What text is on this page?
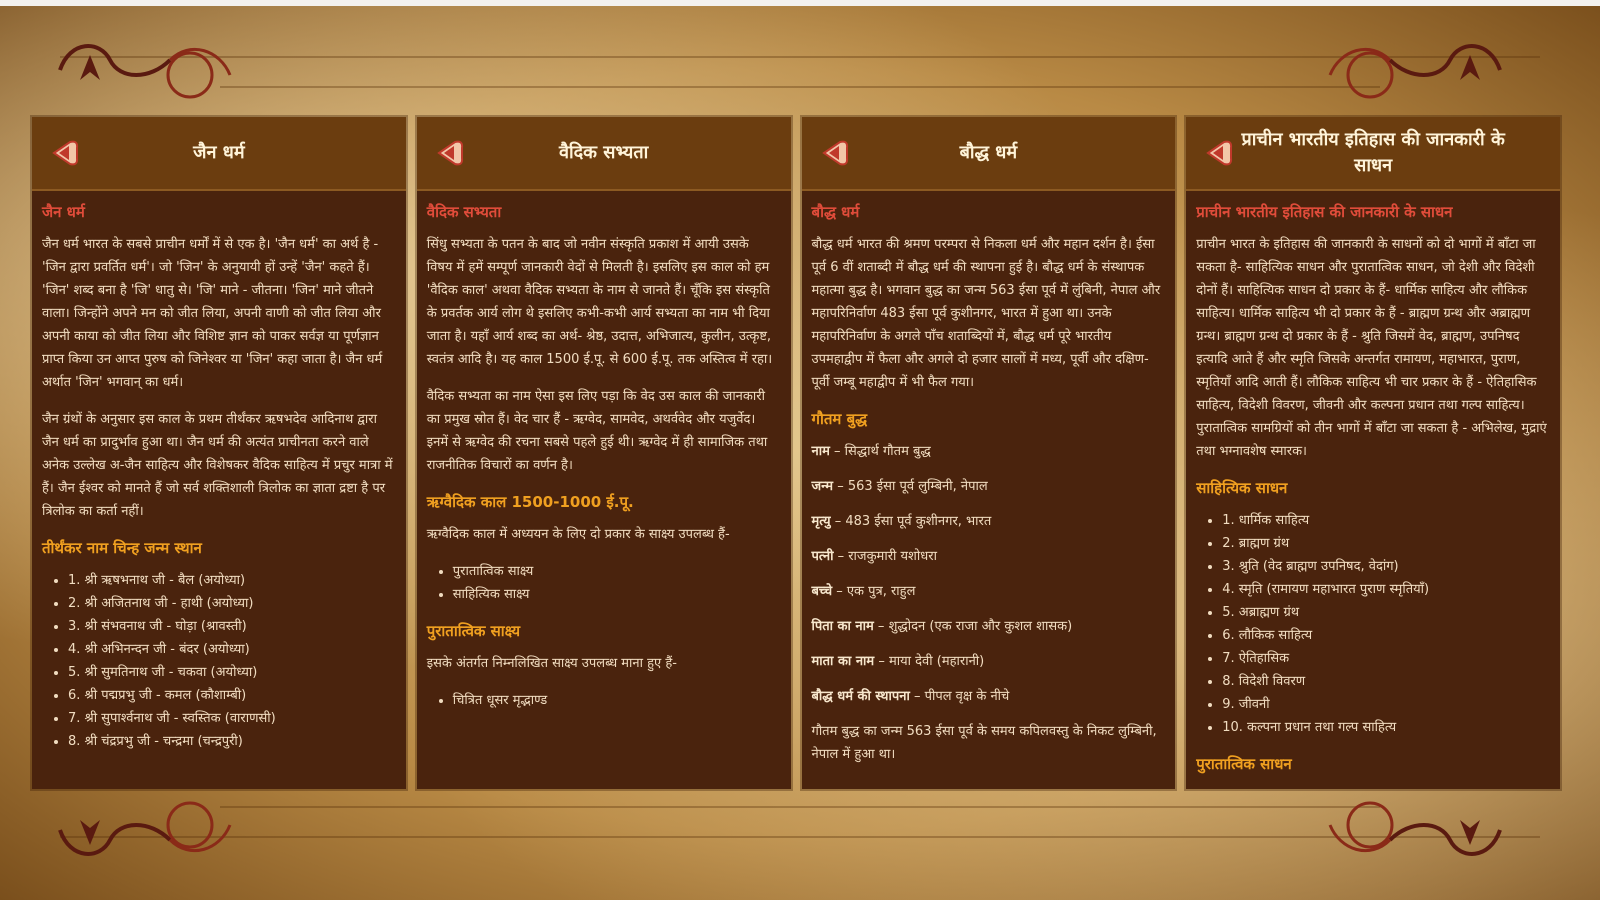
जैन धर्म
जैन धर्म

जैन धर्म भारत के सबसे प्राचीन धर्मों में से एक है। 'जैन धर्म' का अर्थ है - 'जिन द्वारा प्रवर्तित धर्म'। जो 'जिन' के अनुयायी हों उन्हें 'जैन' कहते हैं। 'जिन' शब्द बना है 'जि' धातु से। 'जि' माने - जीतना। 'जिन' माने जीतने वाला। जिन्होंने अपने मन को जीत लिया, अपनी वाणी को जीत लिया और अपनी काया को जीत लिया और विशिष्ट ज्ञान को पाकर सर्वज्ञ या पूर्णज्ञान प्राप्त किया उन आप्त पुरुष को जिनेश्वर या 'जिन' कहा जाता है। जैन धर्म अर्थात 'जिन' भगवान्‌ का धर्म।

जैन ग्रंथों के अनुसार इस काल के प्रथम तीर्थंकर ऋषभदेव आदिनाथ द्वारा जैन धर्म का प्रादुर्भाव हुआ था। जैन धर्म की अत्यंत प्राचीनता करने वाले अनेक उल्लेख अ-जैन साहित्य और विशेषकर वैदिक साहित्य में प्रचुर मात्रा में हैं। जैन ईश्वर को मानते हैं जो सर्व शक्तिशाली त्रिलोक का ज्ञाता द्रष्टा है पर त्रिलोक का कर्ता नहीं।

तीर्थंकर नाम चिन्ह जन्म स्थान
• 1. श्री ऋषभनाथ जी - बैल (अयोध्या)
• 2. श्री अजितनाथ जी - हाथी (अयोध्या)
• 3. श्री संभवनाथ जी - घोड़ा (श्रावस्ती)
• 4. श्री अभिनन्दन जी - बंदर (अयोध्या)
• 5. श्री सुमतिनाथ जी - चकवा (अयोध्या)
• 6. श्री पद्मप्रभु जी - कमल (कौशाम्बी)
• 7. श्री सुपार्श्वनाथ जी - स्वस्तिक (वाराणसी)
• 8. श्री चंद्रप्रभु जी - चन्द्रमा (चन्द्रपुरी)
वैदिक सभ्यता
वैदिक सभ्यता

सिंधु सभ्यता के पतन के बाद जो नवीन संस्कृति प्रकाश में आयी उसके विषय में हमें सम्पूर्ण जानकारी वेदों से मिलती है। इसलिए इस काल को हम 'वैदिक काल' अथवा वैदिक सभ्यता के नाम से जानते हैं। चूँकि इस संस्कृति के प्रवर्तक आर्य लोग थे इसलिए कभी-कभी आर्य सभ्यता का नाम भी दिया जाता है। यहाँ आर्य शब्द का अर्थ- श्रेष्ठ, उदात्त, अभिजात्य, कुलीन, उत्कृष्ट, स्वतंत्र आदि है। यह काल 1500 ई.पू. से 600 ई.पू. तक अस्तित्व में रहा।

वैदिक सभ्यता का नाम ऐसा इस लिए पड़ा कि वेद उस काल की जानकारी का प्रमुख स्रोत हैं। वेद चार हैं - ऋग्वेद, सामवेद, अथर्ववेद और यजुर्वेद। इनमें से ऋग्वेद की रचना सबसे पहले हुई थी। ऋग्वेद में ही सामाजिक तथा राजनीतिक विचारों का वर्णन है।

ऋग्वैदिक काल 1500-1000 ई.पू.

ऋग्वैदिक काल में अध्ययन के लिए दो प्रकार के साक्ष्य उपलब्ध हैं-

• पुरातात्विक साक्ष्य
• साहित्यिक साक्ष्य
पुरातात्विक साक्ष्य

इसके अंतर्गत निम्नलिखित साक्ष्य उपलब्ध माना हुए हैं-

• चित्रित धूसर मृद्भाण्ड
बौद्ध धर्म
बौद्ध धर्म

बौद्ध धर्म भारत की श्रमण परम्परा से निकला धर्म और महान दर्शन है। ईसा पूर्व 6 वीं शताब्दी में बौद्ध धर्म की स्थापना हुई है। बौद्ध धर्म के संस्थापक महात्मा बुद्ध है। भगवान बुद्ध का जन्म 563 ईसा पूर्व में लुंबिनी, नेपाल और महापरिनिर्वाण 483 ईसा पूर्व कुशीनगर, भारत में हुआ था। उनके महापरिनिर्वाण के अगले पाँच शताब्दियों में, बौद्ध धर्म पूरे भारतीय उपमहाद्वीप में फैला और अगले दो हजार सालों में मध्य, पूर्वी और दक्षिण-पूर्वी जम्बू महाद्वीप में भी फैल गया।

गौतम बुद्ध
नाम – सिद्धार्थ गौतम बुद्ध
जन्म – 563 ईसा पूर्व लुम्बिनी, नेपाल
मृत्यु – 483 ईसा पूर्व कुशीनगर, भारत
पत्नी – राजकुमारी यशोधरा
बच्चे – एक पुत्र, राहुल
पिता का नाम – शुद्धोदन (एक राजा और कुशल शासक)
माता का नाम – माया देवी (महारानी)
बौद्ध धर्म की स्थापना – पीपल वृक्ष के नीचे

गौतम बुद्ध का जन्म 563 ईसा पूर्व के समय कपिलवस्तु के निकट लुम्बिनी, नेपाल में हुआ था।

प्राचीन भारतीय इतिहास की जानकारी के साधन
प्राचीन भारतीय इतिहास की जानकारी के साधन

प्राचीन भारत के इतिहास की जानकारी के साधनों को दो भागों में बाँटा जा सकता है- साहित्यिक साधन और पुरातात्विक साधन, जो देशी और विदेशी दोनों हैं। साहित्यिक साधन दो प्रकार के हैं- धार्मिक साहित्य और लौकिक साहित्य। धार्मिक साहित्य भी दो प्रकार के हैं - ब्राह्मण ग्रन्थ और अब्राह्मण ग्रन्थ। ब्राह्मण ग्रन्थ दो प्रकार के हैं - श्रुति जिसमें वेद, ब्राह्मण, उपनिषद इत्यादि आते हैं और स्मृति जिसके अन्तर्गत रामायण, महाभारत, पुराण, स्मृतियाँ आदि आती हैं। लौकिक साहित्य भी चार प्रकार के हैं - ऐतिहासिक साहित्य, विदेशी विवरण, जीवनी और कल्पना प्रधान तथा गल्प साहित्य। पुरातात्विक सामग्रियों को तीन भागों में बाँटा जा सकता है - अभिलेख, मुद्राएं तथा भग्नावशेष स्मारक।

साहित्यिक साधन
• 1. धार्मिक साहित्य
• 2. ब्राह्मण ग्रंथ
• 3. श्रुति (वेद ब्राह्मण उपनिषद, वेदांग)
• 4. स्मृति (रामायण महाभारत पुराण स्मृतियाँ)
• 5. अब्राह्मण ग्रंथ
• 6. लौकिक साहित्य
• 7. ऐतिहासिक
• 8. विदेशी विवरण
• 9. जीवनी
• 10. कल्पना प्रधान तथा गल्प साहित्य
पुरातात्विक साधन
